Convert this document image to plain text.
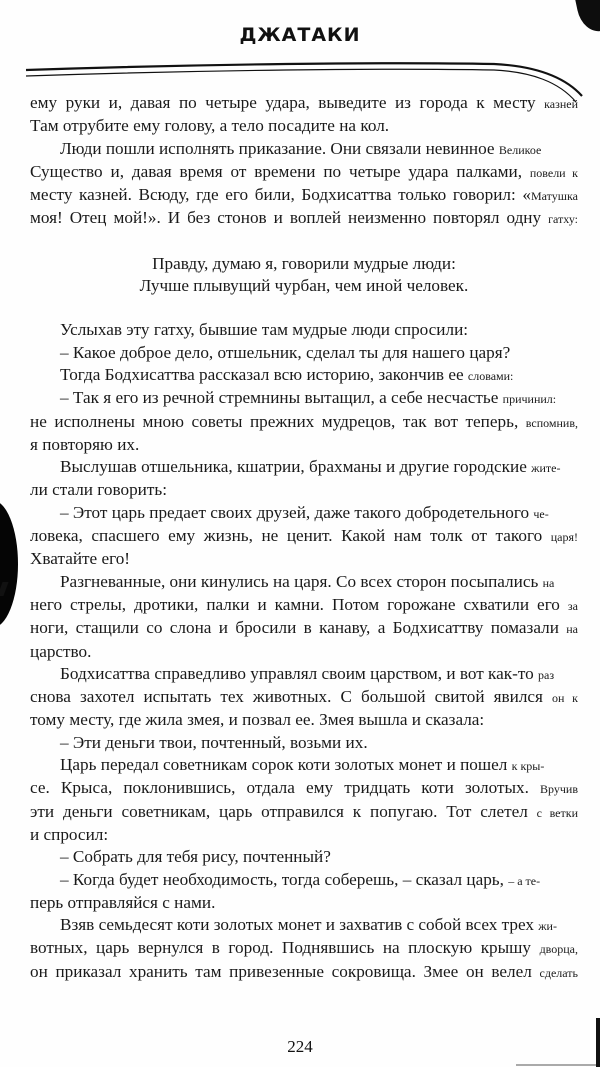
ДЖАТАКИ
ему руки и, давая по четыре удара, выведите из города к месту казней
Там отрубите ему голову, а тело посадите на кол.
Люди пошли исполнять приказание. Они связали невинное Великое
Существо и, давая время от времени по четыре удара палками, повели к
месту казней. Всюду, где его били, Бодхисаттва только говорил: «Матушка
моя! Отец мой!». И без стонов и воплей неизменно повторял одну гатху:
Правду, думаю я, говорили мудрые люди:
Лучше плывущий чурбан, чем иной человек.
Услыхав эту гатху, бывшие там мудрые люди спросили:
– Какое доброе дело, отшельник, сделал ты для нашего царя?
Тогда Бодхисаттва рассказал всю историю, закончив ее словами:
– Так я его из речной стремнины вытащил, а себе несчастье причинил:
не исполнены мною советы прежних мудрецов, так вот теперь, вспомнив,
я повторяю их.
Выслушав отшельника, кшатрии, брахманы и другие городские жите-
ли стали говорить:
– Этот царь предает своих друзей, даже такого добродетельного че-
ловека, спасшего ему жизнь, не ценит. Какой нам толк от такого царя!
Хватайте его!
Разгневанные, они кинулись на царя. Со всех сторон посыпались на
него стрелы, дротики, палки и камни. Потом горожане схватили его за
ноги, стащили со слона и бросили в канаву, а Бодхисаттву помазали на
царство.
Бодхисаттва справедливо управлял своим царством, и вот как-то раз
снова захотел испытать тех животных. С большой свитой явился он к
тому месту, где жила змея, и позвал ее. Змея вышла и сказала:
– Эти деньги твои, почтенный, возьми их.
Царь передал советникам сорок коти золотых монет и пошел к кры-
се. Крыса, поклонившись, отдала ему тридцать коти золотых. Вручив
эти деньги советникам, царь отправился к попугаю. Тот слетел с ветки
и спросил:
– Собрать для тебя рису, почтенный?
– Когда будет необходимость, тогда соберешь, – сказал царь, – а те-
перь отправляйся с нами.
Взяв семьдесят коти золотых монет и захватив с собой всех трех жи-
вотных, царь вернулся в город. Поднявшись на плоскую крышу дворца,
он приказал хранить там привезенные сокровища. Змее он велел сделать
224
